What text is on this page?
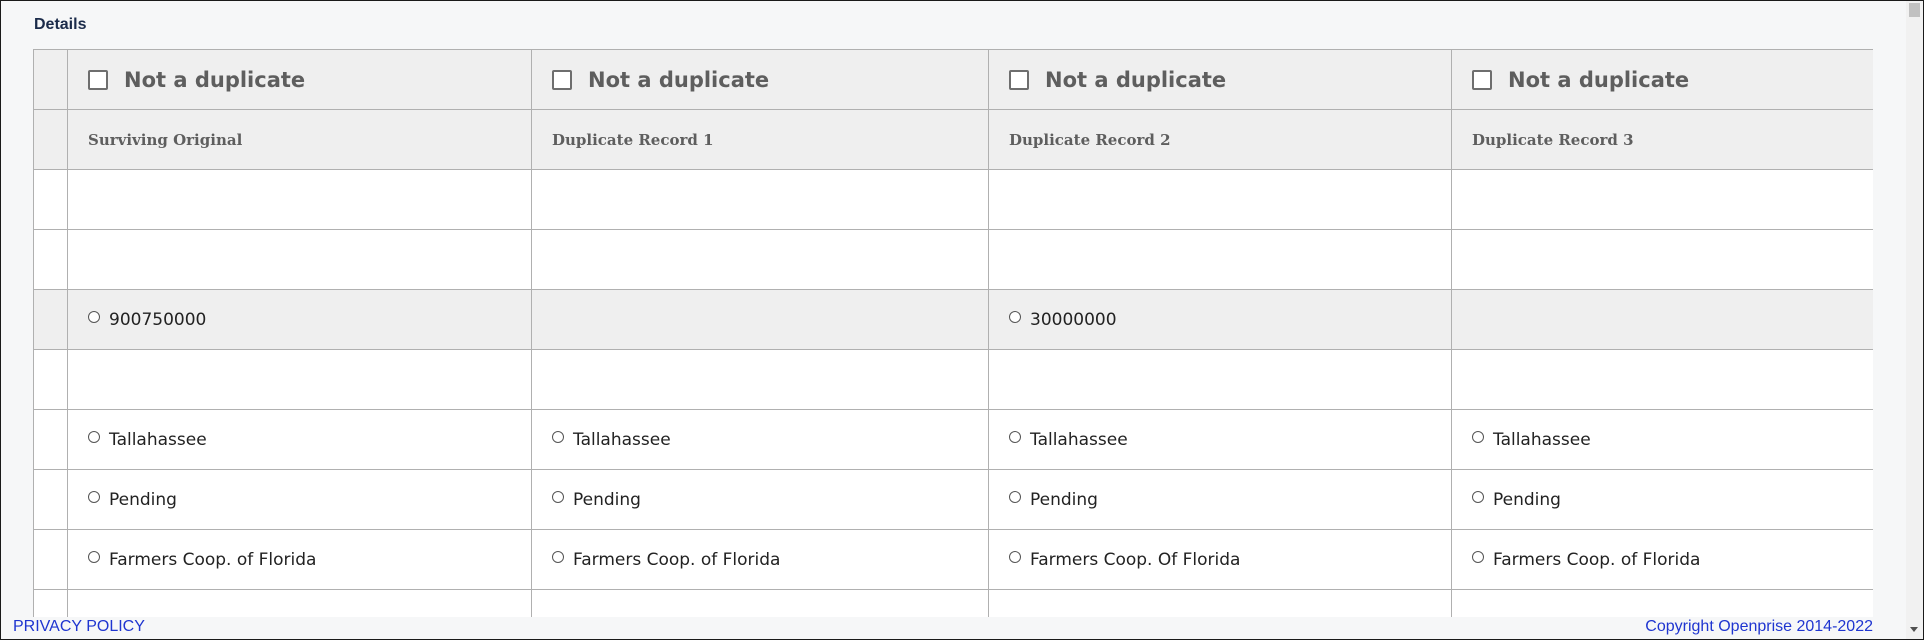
Details

	Not a duplicate	Not a duplicate	Not a duplicate	Not a duplicate

	Surviving Original	Duplicate Record 1	Duplicate Record 2	Duplicate Record 3

	900750000		30000000	

	Tallahassee	Tallahassee	Tallahassee	Tallahassee

	Pending	Pending	Pending	Pending

	Farmers Coop. of Florida	Farmers Coop. of Florida	Farmers Coop. Of Florida	Farmers Coop. of Florida

PRIVACY POLICY	Copyright Openprise 2014-2022
